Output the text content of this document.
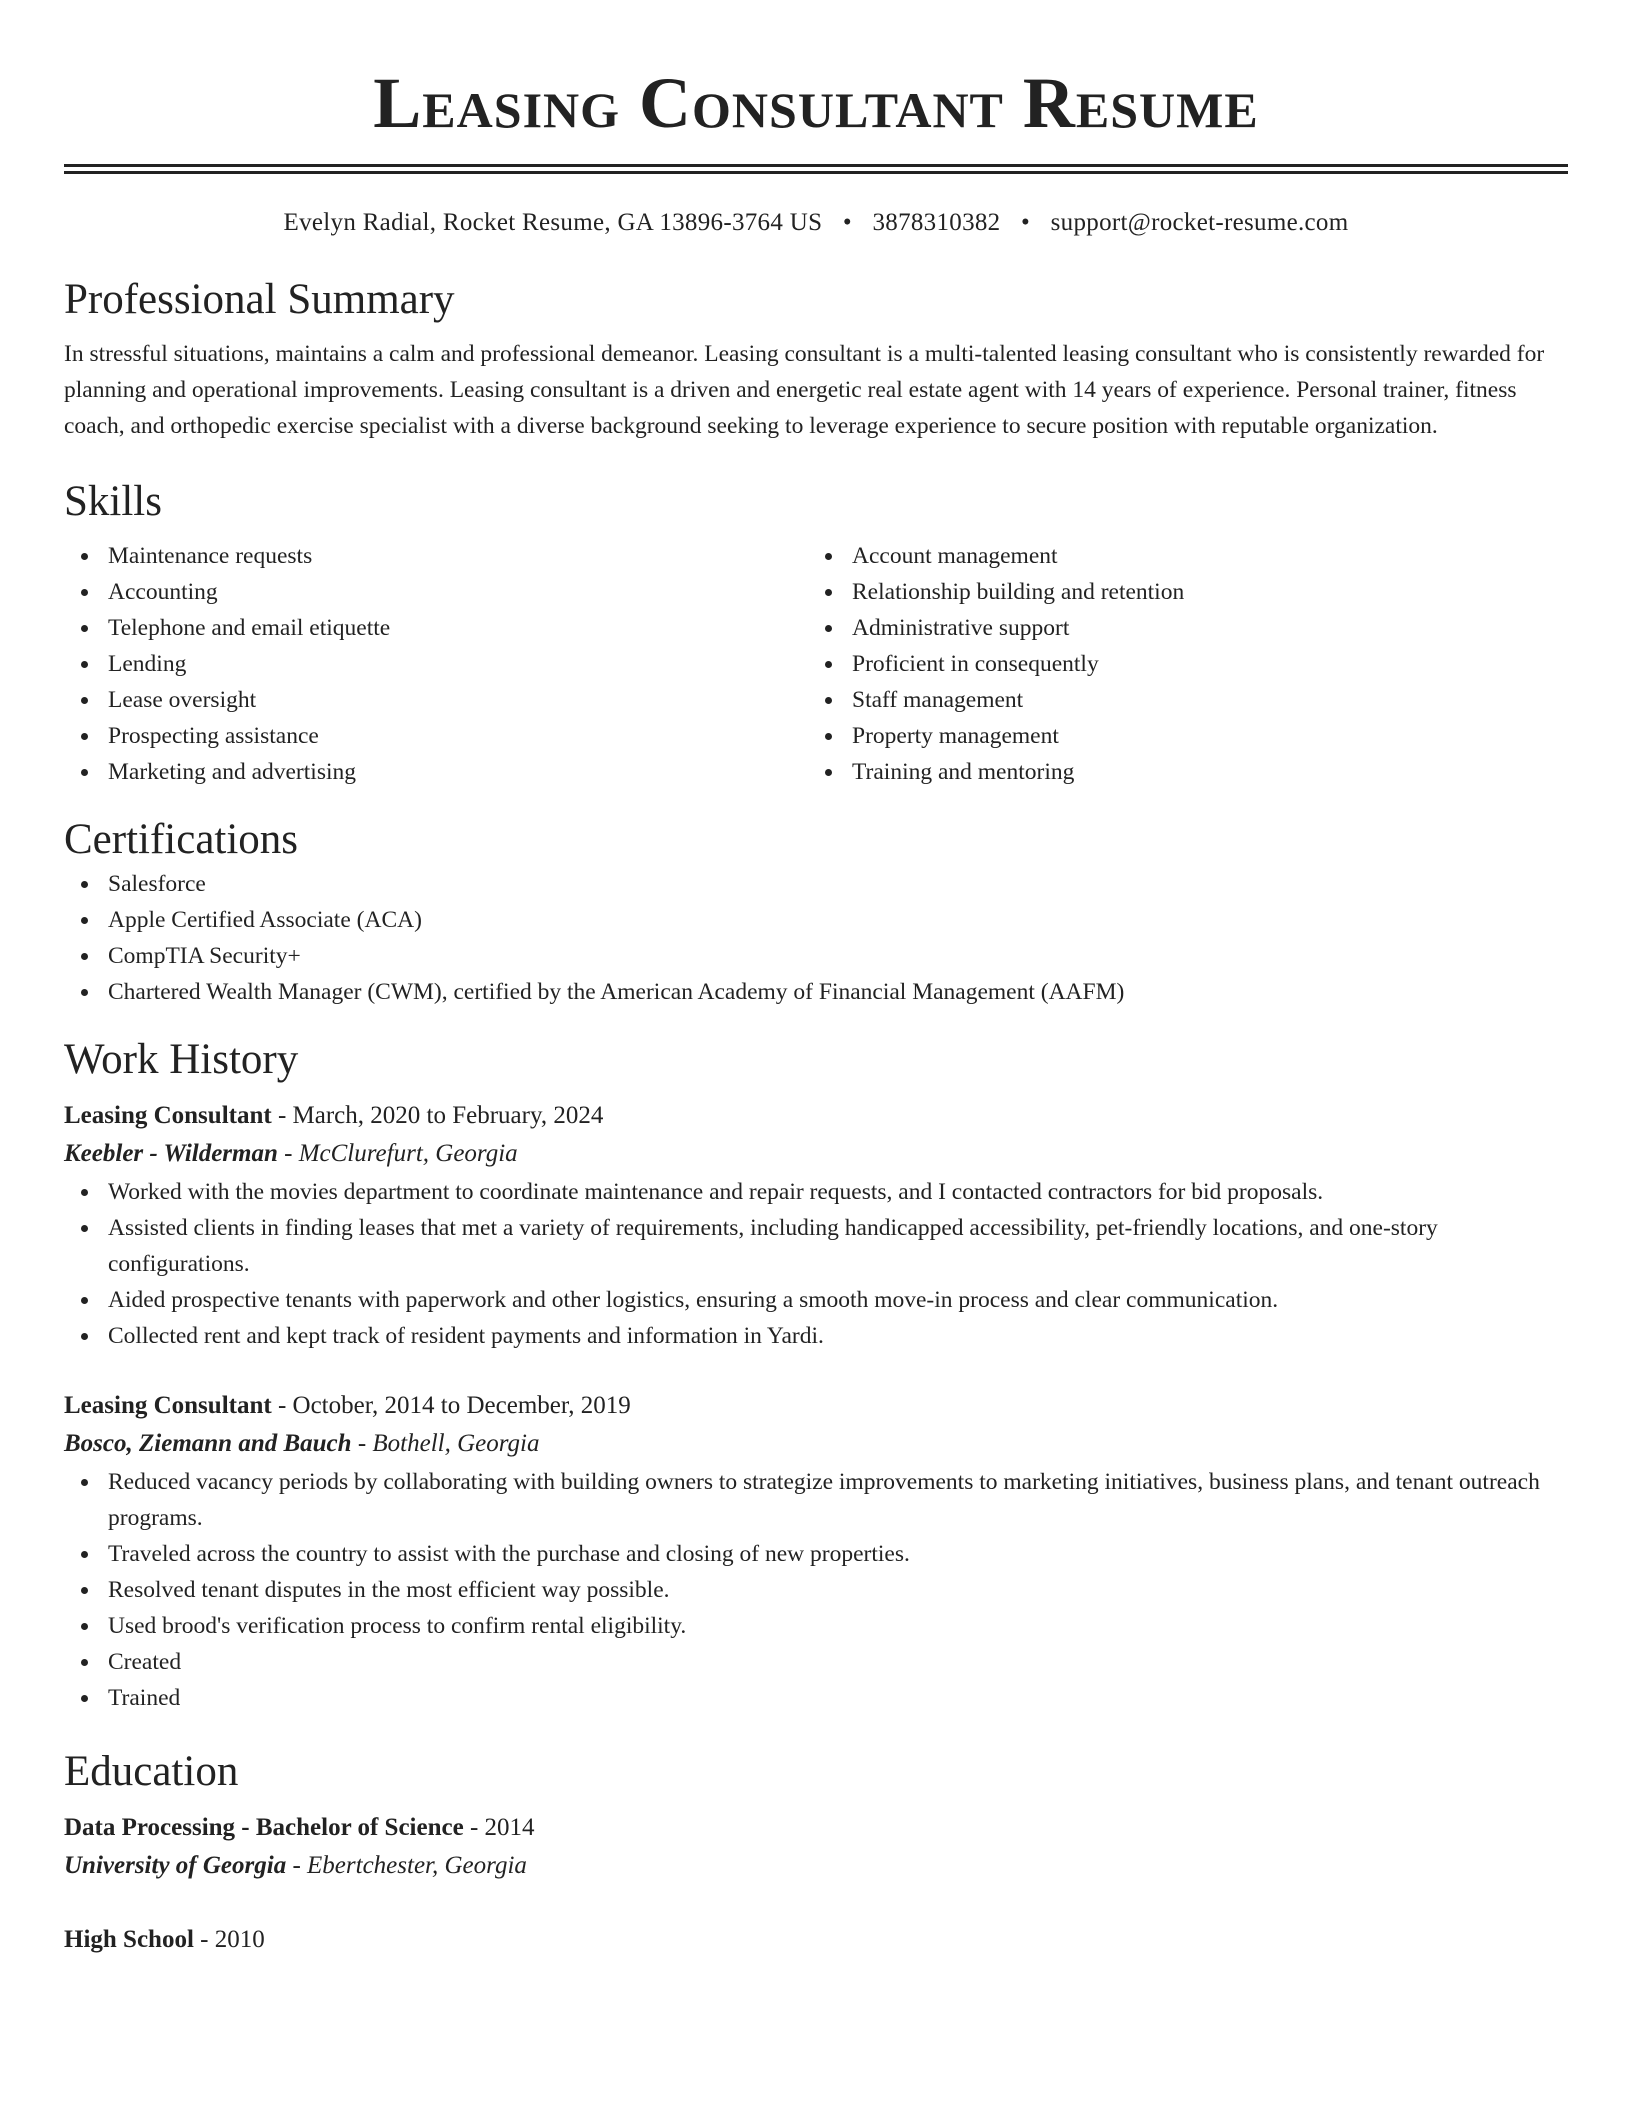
Leasing Consultant Resume
Evelyn Radial, Rocket Resume, GA 13896-3764 US • 3878310382 • support@rocket-resume.com
Professional Summary
In stressful situations, maintains a calm and professional demeanor. Leasing consultant is a multi-talented leasing consultant who is consistently rewarded for planning and operational improvements. Leasing consultant is a driven and energetic real estate agent with 14 years of experience. Personal trainer, fitness coach, and orthopedic exercise specialist with a diverse background seeking to leverage experience to secure position with reputable organization.
Skills
Maintenance requests
Accounting
Telephone and email etiquette
Lending
Lease oversight
Prospecting assistance
Marketing and advertising
Account management
Relationship building and retention
Administrative support
Proficient in consequently
Staff management
Property management
Training and mentoring
Certifications
Salesforce
Apple Certified Associate (ACA)
CompTIA Security+
Chartered Wealth Manager (CWM), certified by the American Academy of Financial Management (AAFM)
Work History
Leasing Consultant - March, 2020 to February, 2024
Keebler - Wilderman - McClurefurt, Georgia
Worked with the movies department to coordinate maintenance and repair requests, and I contacted contractors for bid proposals.
Assisted clients in finding leases that met a variety of requirements, including handicapped accessibility, pet-friendly locations, and one-story configurations.
Aided prospective tenants with paperwork and other logistics, ensuring a smooth move-in process and clear communication.
Collected rent and kept track of resident payments and information in Yardi.
Leasing Consultant - October, 2014 to December, 2019
Bosco, Ziemann and Bauch - Bothell, Georgia
Reduced vacancy periods by collaborating with building owners to strategize improvements to marketing initiatives, business plans, and tenant outreach programs.
Traveled across the country to assist with the purchase and closing of new properties.
Resolved tenant disputes in the most efficient way possible.
Used brood's verification process to confirm rental eligibility.
Created
Trained
Education
Data Processing - Bachelor of Science - 2014
University of Georgia - Ebertchester, Georgia
High School - 2010
